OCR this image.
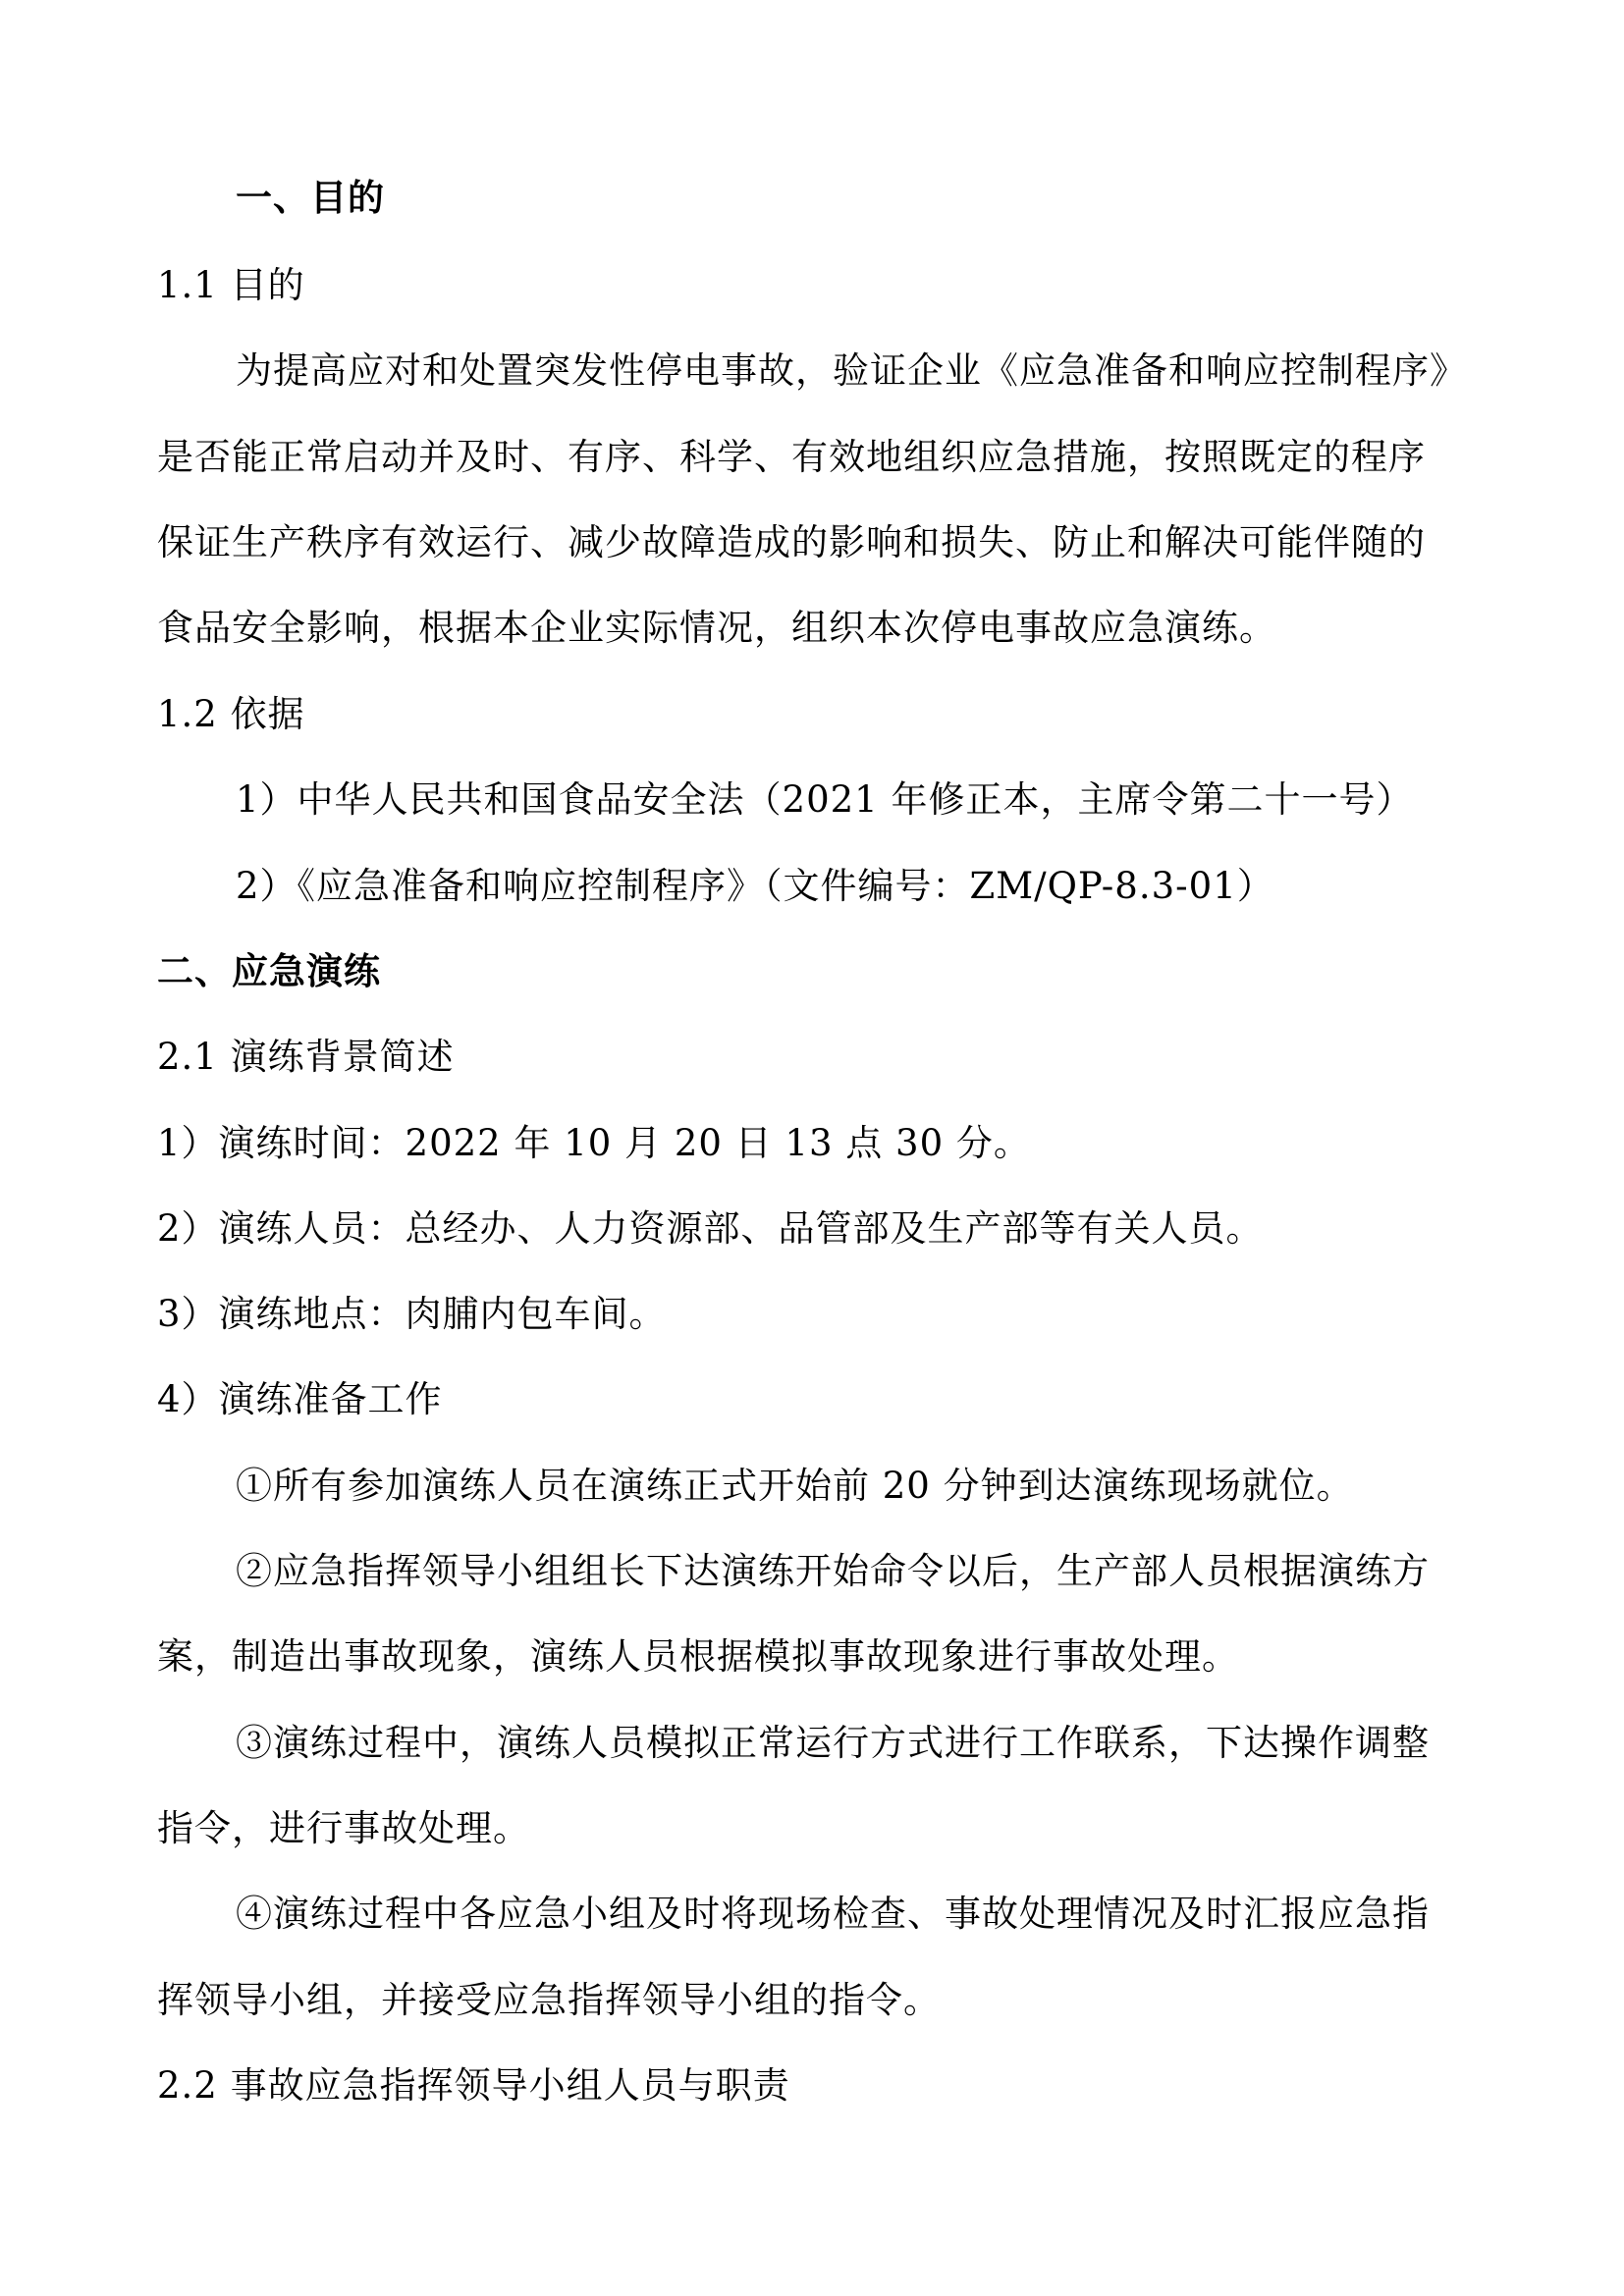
一、目的
1.1 目的
为提高应对和处置突发性停电事故，验证企业《应急准备和响应控制程序》
是否能正常启动并及时、有序、科学、有效地组织应急措施，按照既定的程序
保证生产秩序有效运行、减少故障造成的影响和损失、防止和解决可能伴随的
食品安全影响，根据本企业实际情况，组织本次停电事故应急演练。
1.2 依据
1）中华人民共和国食品安全法（2021 年修正本，主席令第二十一号）
2）《应急准备和响应控制程序》（文件编号：ZM/QP-8.3-01）
二、应急演练
2.1 演练背景简述
1）演练时间：2022 年 10 月 20 日 13 点 30 分。
2）演练人员：总经办、人力资源部、品管部及生产部等有关人员。
3）演练地点：肉脯内包车间。
4）演练准备工作
①所有参加演练人员在演练正式开始前 20 分钟到达演练现场就位。
②应急指挥领导小组组长下达演练开始命令以后，生产部人员根据演练方
案，制造出事故现象，演练人员根据模拟事故现象进行事故处理。
③演练过程中，演练人员模拟正常运行方式进行工作联系，下达操作调整
指令，进行事故处理。
④演练过程中各应急小组及时将现场检查、事故处理情况及时汇报应急指
挥领导小组，并接受应急指挥领导小组的指令。
2.2 事故应急指挥领导小组人员与职责
